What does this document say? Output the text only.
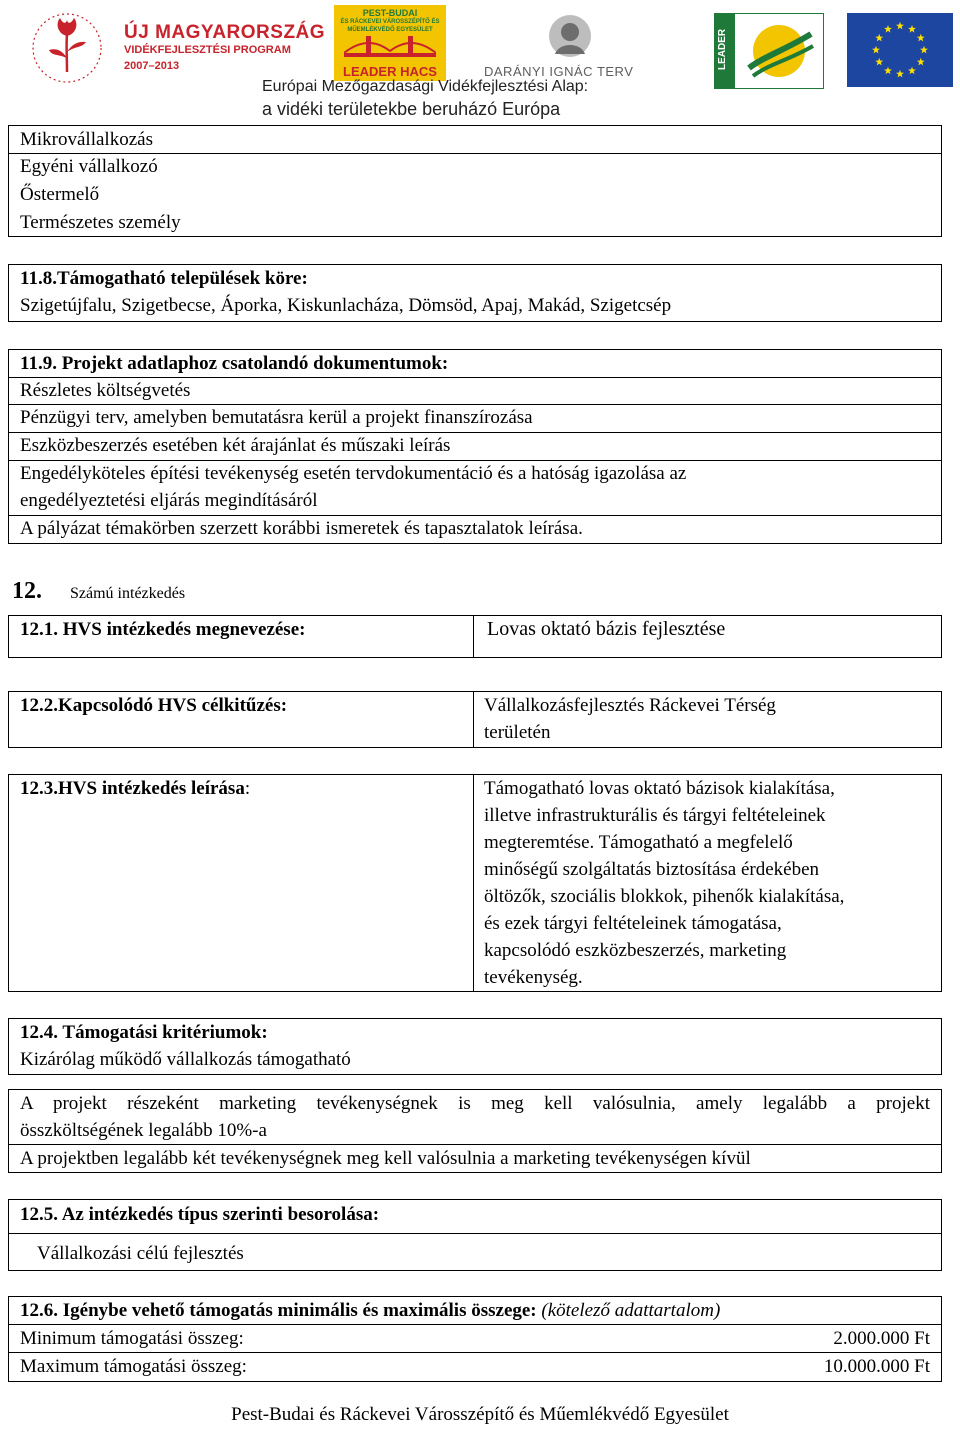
ÚJ MAGYARORSZÁG
VIDÉKFEJLESZTÉSI PROGRAM
2007–2013
PEST-BUDAI
ÉS RÁCKEVEI VÁROSSZÉPÍTŐ ÉS
MŰEMLÉKVÉDŐ EGYESÜLET
LEADER HACS	DARÁNYI IGNÁC TERV
LEADER
Európai Mezőgazdasági Vidékfejlesztési Alap:
a vidéki területekbe beruházó Európa
Mikrovállalkozás
Egyéni vállalkozó
Őstermelő
Természetes személy
11.8.Támogatható települések köre:
Szigetújfalu, Szigetbecse, Áporka, Kiskunlacháza, Dömsöd, Apaj, Makád, Szigetcsép
11.9. Projekt adatlaphoz csatolandó dokumentumok:
Részletes költségvetés
Pénzügyi terv, amelyben bemutatásra kerül a projekt finanszírozása
Eszközbeszerzés esetében két árajánlat és műszaki leírás
Engedélyköteles építési tevékenység esetén tervdokumentáció és a hatóság igazolása az
engedélyeztetési eljárás megindításáról
A pályázat témakörben szerzett korábbi ismeretek és tapasztalatok leírása.
12. Számú intézkedés
12.1. HVS intézkedés megnevezése:	Lovas oktató bázis fejlesztése
12.2.Kapcsolódó HVS célkitűzés:	Vállalkozásfejlesztés Ráckevei Térség
területén
12.3.HVS intézkedés leírása:	Támogatható lovas oktató bázisok kialakítása,
illetve infrastrukturális és tárgyi feltételeinek
megteremtése. Támogatható a megfelelő
minőségű szolgáltatás biztosítása érdekében
öltözők, szociális blokkok, pihenők kialakítása,
és ezek tárgyi feltételeinek támogatása,
kapcsolódó eszközbeszerzés, marketing
tevékenység.
12.4. Támogatási kritériumok:
Kizárólag működő vállalkozás támogatható
A projekt részeként marketing tevékenységnek is meg kell valósulnia, amely legalább a projekt
összköltségének legalább 10%-a
A projektben legalább két tevékenységnek meg kell valósulnia a marketing tevékenységen kívül
12.5. Az intézkedés típus szerinti besorolása:
Vállalkozási célú fejlesztés
12.6. Igénybe vehető támogatás minimális és maximális összege: (kötelező adattartalom)
Minimum támogatási összeg:	2.000.000 Ft
Maximum támogatási összeg:	10.000.000 Ft
Pest-Budai és Ráckevei Városszépítő és Műemlékvédő Egyesület
